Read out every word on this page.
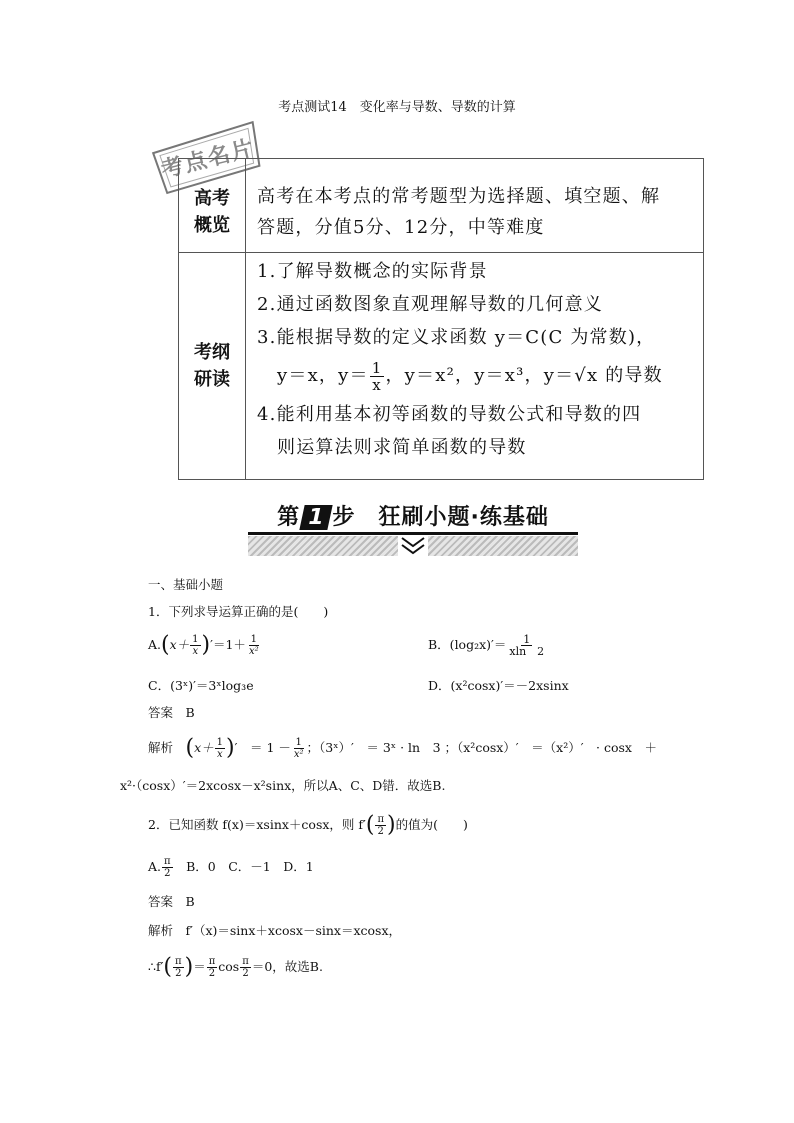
考点测试14　变化率与导数、导数的计算
考点名片
高考
概览
高考在本考点的常考题型为选择题、填空题、解
答题，分值5分、12分，中等难度
考纲
研读
1.了解导数概念的实际背景
2.通过函数图象直观理解导数的几何意义
3.能根据导数的定义求函数 y＝C(C 为常数)，
y＝x，$y= \frac{1}{x}$ ，y＝x²，y＝x³，y＝√x 的导数
4.能利用基本初等函数的导数公式和导数的四
则运算法则求简单函数的导数
第 1 步　狂刷小题·练基础
一、基础小题
1．下列求导运算正确的是(　　)
$A.(x+ \frac{1}{x} )'=1+ \frac{1}{\text{x²}}$	B．$(\log_2x)'= \frac{1}{xln 2}$
C．(3ˣ)′＝3ˣlog₃e	D．(x²cosx)′＝－2xsinx
答案　B
解析　($x+ \frac{1}{x}$ )′　＝ $1 - \frac{1}{\text{x²}}$ ；（3ˣ）′　＝ 3ˣ · ln　3 ；（x²cosx）′　＝（x²）′　· cosx　＋
x²·（cosx）′＝2xcosx－x²sinx，所以A、C、D错．故选B.
2．已知函数 f(x)＝xsinx＋cosx，则 $f'( \frac{\pi}{2}$ )的值为(　　)
A. $\frac{\pi}{2}$ 　B．0　C．－1　D．1
答案　B
解析　f′（x)＝sinx＋xcosx－sinx＝xcosx，
∴f′( $\frac{\pi}{2}$ )＝ $\frac{\pi}{2}$ $\cos \frac{\pi}{2} =0$，故选B.
